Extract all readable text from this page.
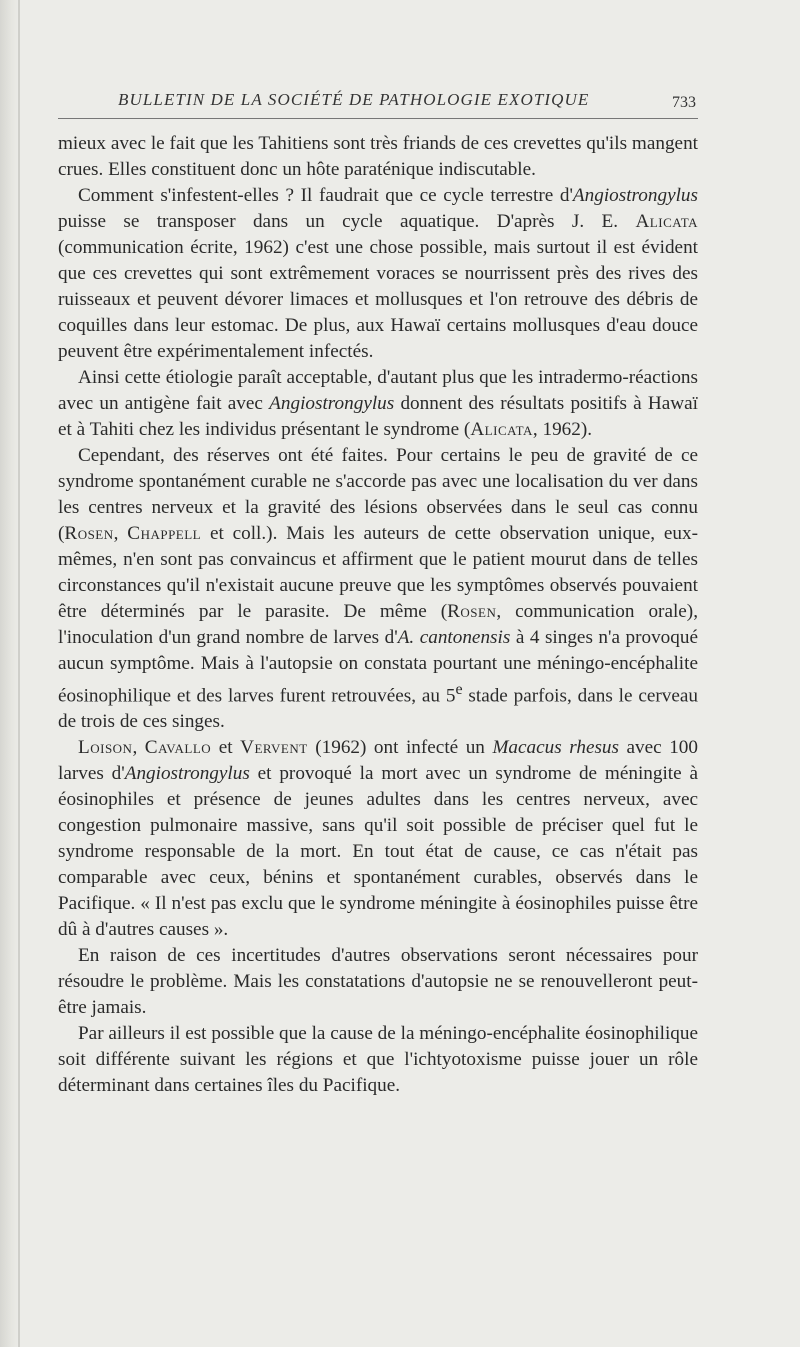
BULLETIN DE LA SOCIÉTÉ DE PATHOLOGIE EXOTIQUE	733

mieux avec le fait que les Tahitiens sont très friands de ces crevettes qu'ils mangent crues. Elles constituent donc un hôte paraténique indiscutable.

Comment s'infestent-elles ? Il faudrait que ce cycle terrestre d'Angiostrongylus puisse se transposer dans un cycle aquatique. D'après J. E. Alicata (communication écrite, 1962) c'est une chose possible, mais surtout il est évident que ces crevettes qui sont extrêmement voraces se nourrissent près des rives des ruisseaux et peuvent dévorer limaces et mollusques et l'on retrouve des débris de coquilles dans leur estomac. De plus, aux Hawaï certains mollusques d'eau douce peuvent être expérimentalement infectés.

Ainsi cette étiologie paraît acceptable, d'autant plus que les intradermo-réactions avec un antigène fait avec Angiostrongylus donnent des résultats positifs à Hawaï et à Tahiti chez les individus présentant le syndrome (Alicata, 1962).

Cependant, des réserves ont été faites. Pour certains le peu de gravité de ce syndrome spontanément curable ne s'accorde pas avec une localisation du ver dans les centres nerveux et la gravité des lésions observées dans le seul cas connu (Rosen, Chappell et coll.). Mais les auteurs de cette observation unique, eux-mêmes, n'en sont pas convaincus et affirment que le patient mourut dans de telles circonstances qu'il n'existait aucune preuve que les symptômes observés pouvaient être déterminés par le parasite. De même (Rosen, communication orale), l'inoculation d'un grand nombre de larves d'A. cantonensis à 4 singes n'a provoqué aucun symptôme. Mais à l'autopsie on constata pourtant une méningo-encéphalite éosinophilique et des larves furent retrouvées, au 5e stade parfois, dans le cerveau de trois de ces singes.

Loison, Cavallo et Vervent (1962) ont infecté un Macacus rhesus avec 100 larves d'Angiostrongylus et provoqué la mort avec un syndrome de méningite à éosinophiles et présence de jeunes adultes dans les centres nerveux, avec congestion pulmonaire massive, sans qu'il soit possible de préciser quel fut le syndrome responsable de la mort. En tout état de cause, ce cas n'était pas comparable avec ceux, bénins et spontanément curables, observés dans le Pacifique. « Il n'est pas exclu que le syndrome méningite à éosinophiles puisse être dû à d'autres causes ».

En raison de ces incertitudes d'autres observations seront nécessaires pour résoudre le problème. Mais les constatations d'autopsie ne se renouvelleront peut-être jamais.

Par ailleurs il est possible que la cause de la méningo-encéphalite éosinophilique soit différente suivant les régions et que l'ichtyotoxisme puisse jouer un rôle déterminant dans certaines îles du Pacifique.
